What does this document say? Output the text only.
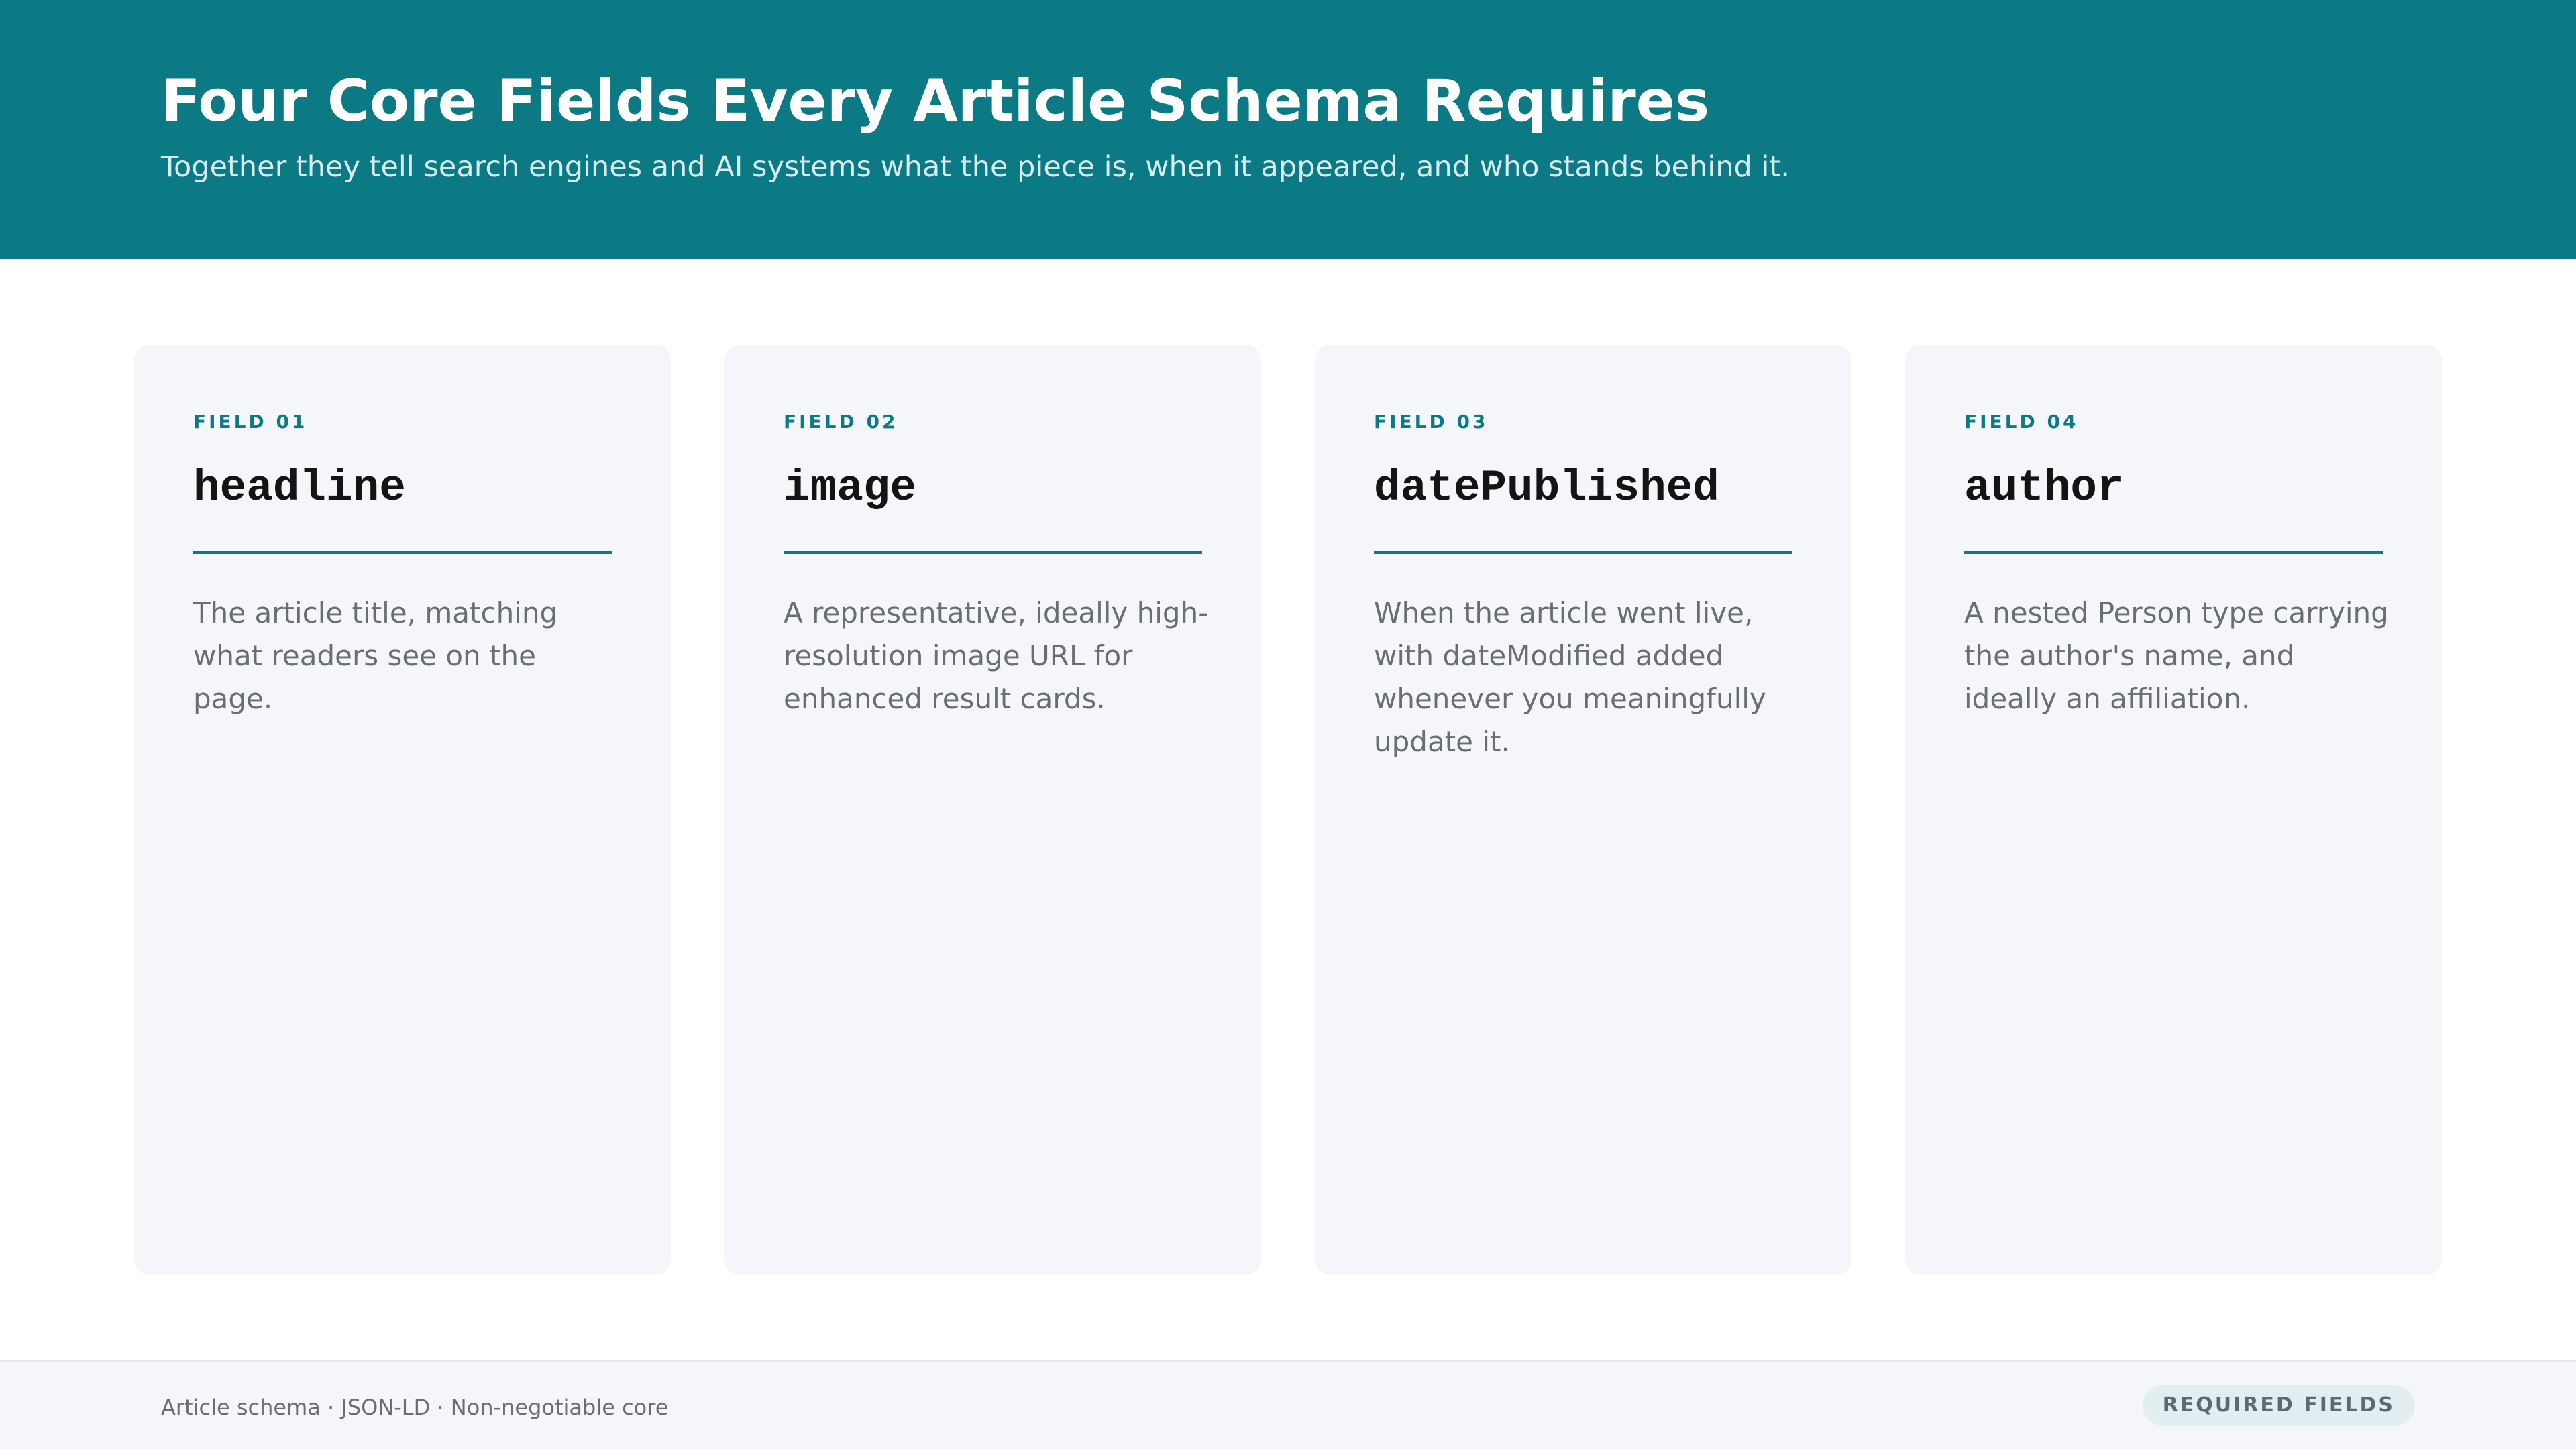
Four Core Fields Every Article Schema Requires

Together they tell search engines and AI systems what the piece is, when it appeared, and who stands behind it.

FIELD 01
headline
The article title, matching what readers see on the page.
FIELD 02
image
A representative, ideally high-resolution image URL for enhanced result cards.
FIELD 03
datePublished
When the article went live, with dateModified added whenever you meaningfully update it.
FIELD 04
author
A nested Person type carrying the author's name, and ideally an affiliation.
Article schema · JSON-LD · Non-negotiable core	REQUIRED FIELDS
